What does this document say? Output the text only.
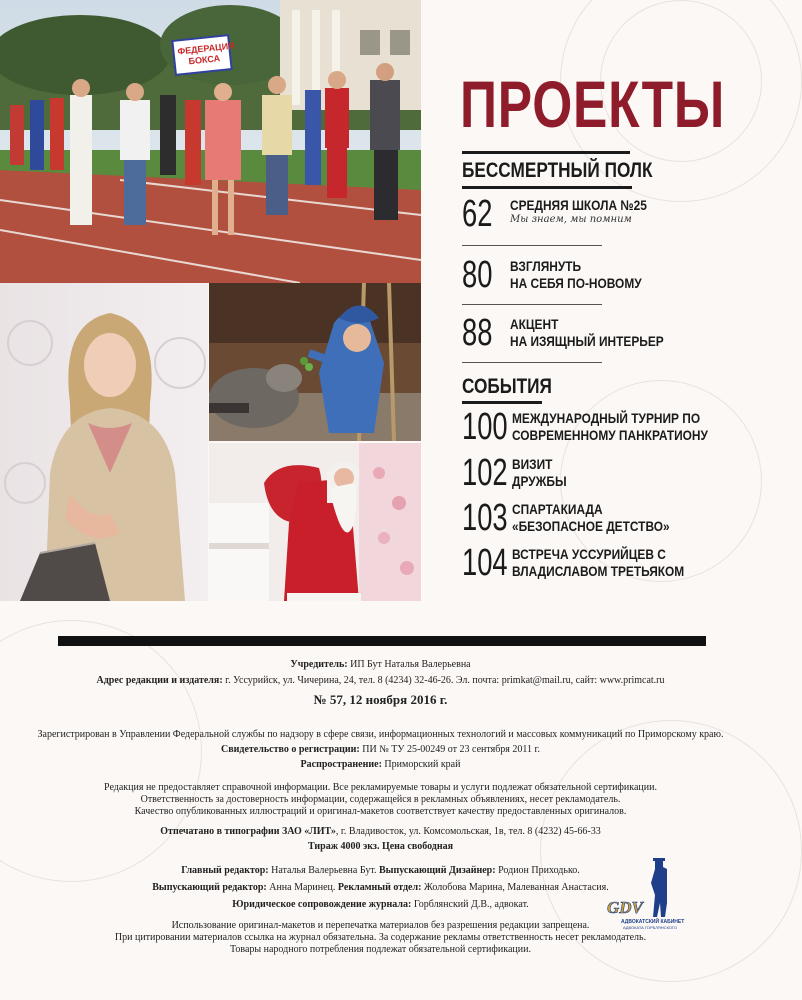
ФЕДЕРАЦИЯ
БОКСА
ПРОЕКТЫ
БЕССМЕРТНЫЙ ПОЛК
62 СРЕДНЯЯ ШКОЛА №25
Мы знаем, мы помним
80 ВЗГЛЯНУТЬ
НА СЕБЯ ПО-НОВОМУ
88 АКЦЕНТ
НА ИЗЯЩНЫЙ ИНТЕРЬЕР
СОБЫТИЯ
100 МЕЖДУНАРОДНЫЙ ТУРНИР ПО
СОВРЕМЕННОМУ ПАНКРАТИОНУ
102 ВИЗИТ
ДРУЖБЫ
103 СПАРТАКИАДА
«БЕЗОПАСНОЕ ДЕТСТВО»
104 ВСТРЕЧА УССУРИЙЦЕВ С
ВЛАДИСЛАВОМ ТРЕТЬЯКОМ
Учредитель: ИП Бут Наталья Валерьевна
Адрес редакции и издателя: г. Уссурийск, ул. Чичерина, 24, тел. 8 (4234) 32-46-26. Эл. почта: primkat@mail.ru, сайт: www.primcat.ru
№ 57, 12 ноября 2016 г.
Зарегистрирован в Управлении Федеральной службы по надзору в сфере связи, информационных технологий и массовых коммуникаций по Приморскому краю.
Свидетельство о регистрации: ПИ № ТУ 25-00249 от 23 сентября 2011 г.
Распространение: Приморский край
Редакция не предоставляет справочной информации. Все рекламируемые товары и услуги подлежат обязательной сертификации.
Ответственность за достоверность информации, содержащейся в рекламных объявлениях, несет рекламодатель.
Качество опубликованных иллюстраций и оригинал-макетов соответствует качеству предоставленных оригиналов.
Отпечатано в типографии ЗАО «ЛИТ», г. Владивосток, ул. Комсомольская, 1в, тел. 8 (4232) 45-66-33
Тираж 4000 экз. Цена свободная
Главный редактор: Наталья Валерьевна Бут. Выпускающий Дизайнер: Родион Приходько.
Выпускающий редактор: Анна Маринец. Рекламный отдел: Жолобова Марина, Малеванная Анастасия.
Юридическое сопровождение журнала: Горблянский Д.В., адвокат.
Использование оригинал-макетов и перепечатка материалов без разрешения редакции запрещена.
При цитировании материалов ссылка на журнал обязательна. За содержание рекламы ответственность несет рекламодатель.
Товары народного потребления подлежат обязательной сертификации.
GDV
АДВОКАТСКИЙ КАБИНЕТ
АДВОКАТА ГОРБЛЯНСКОГО
